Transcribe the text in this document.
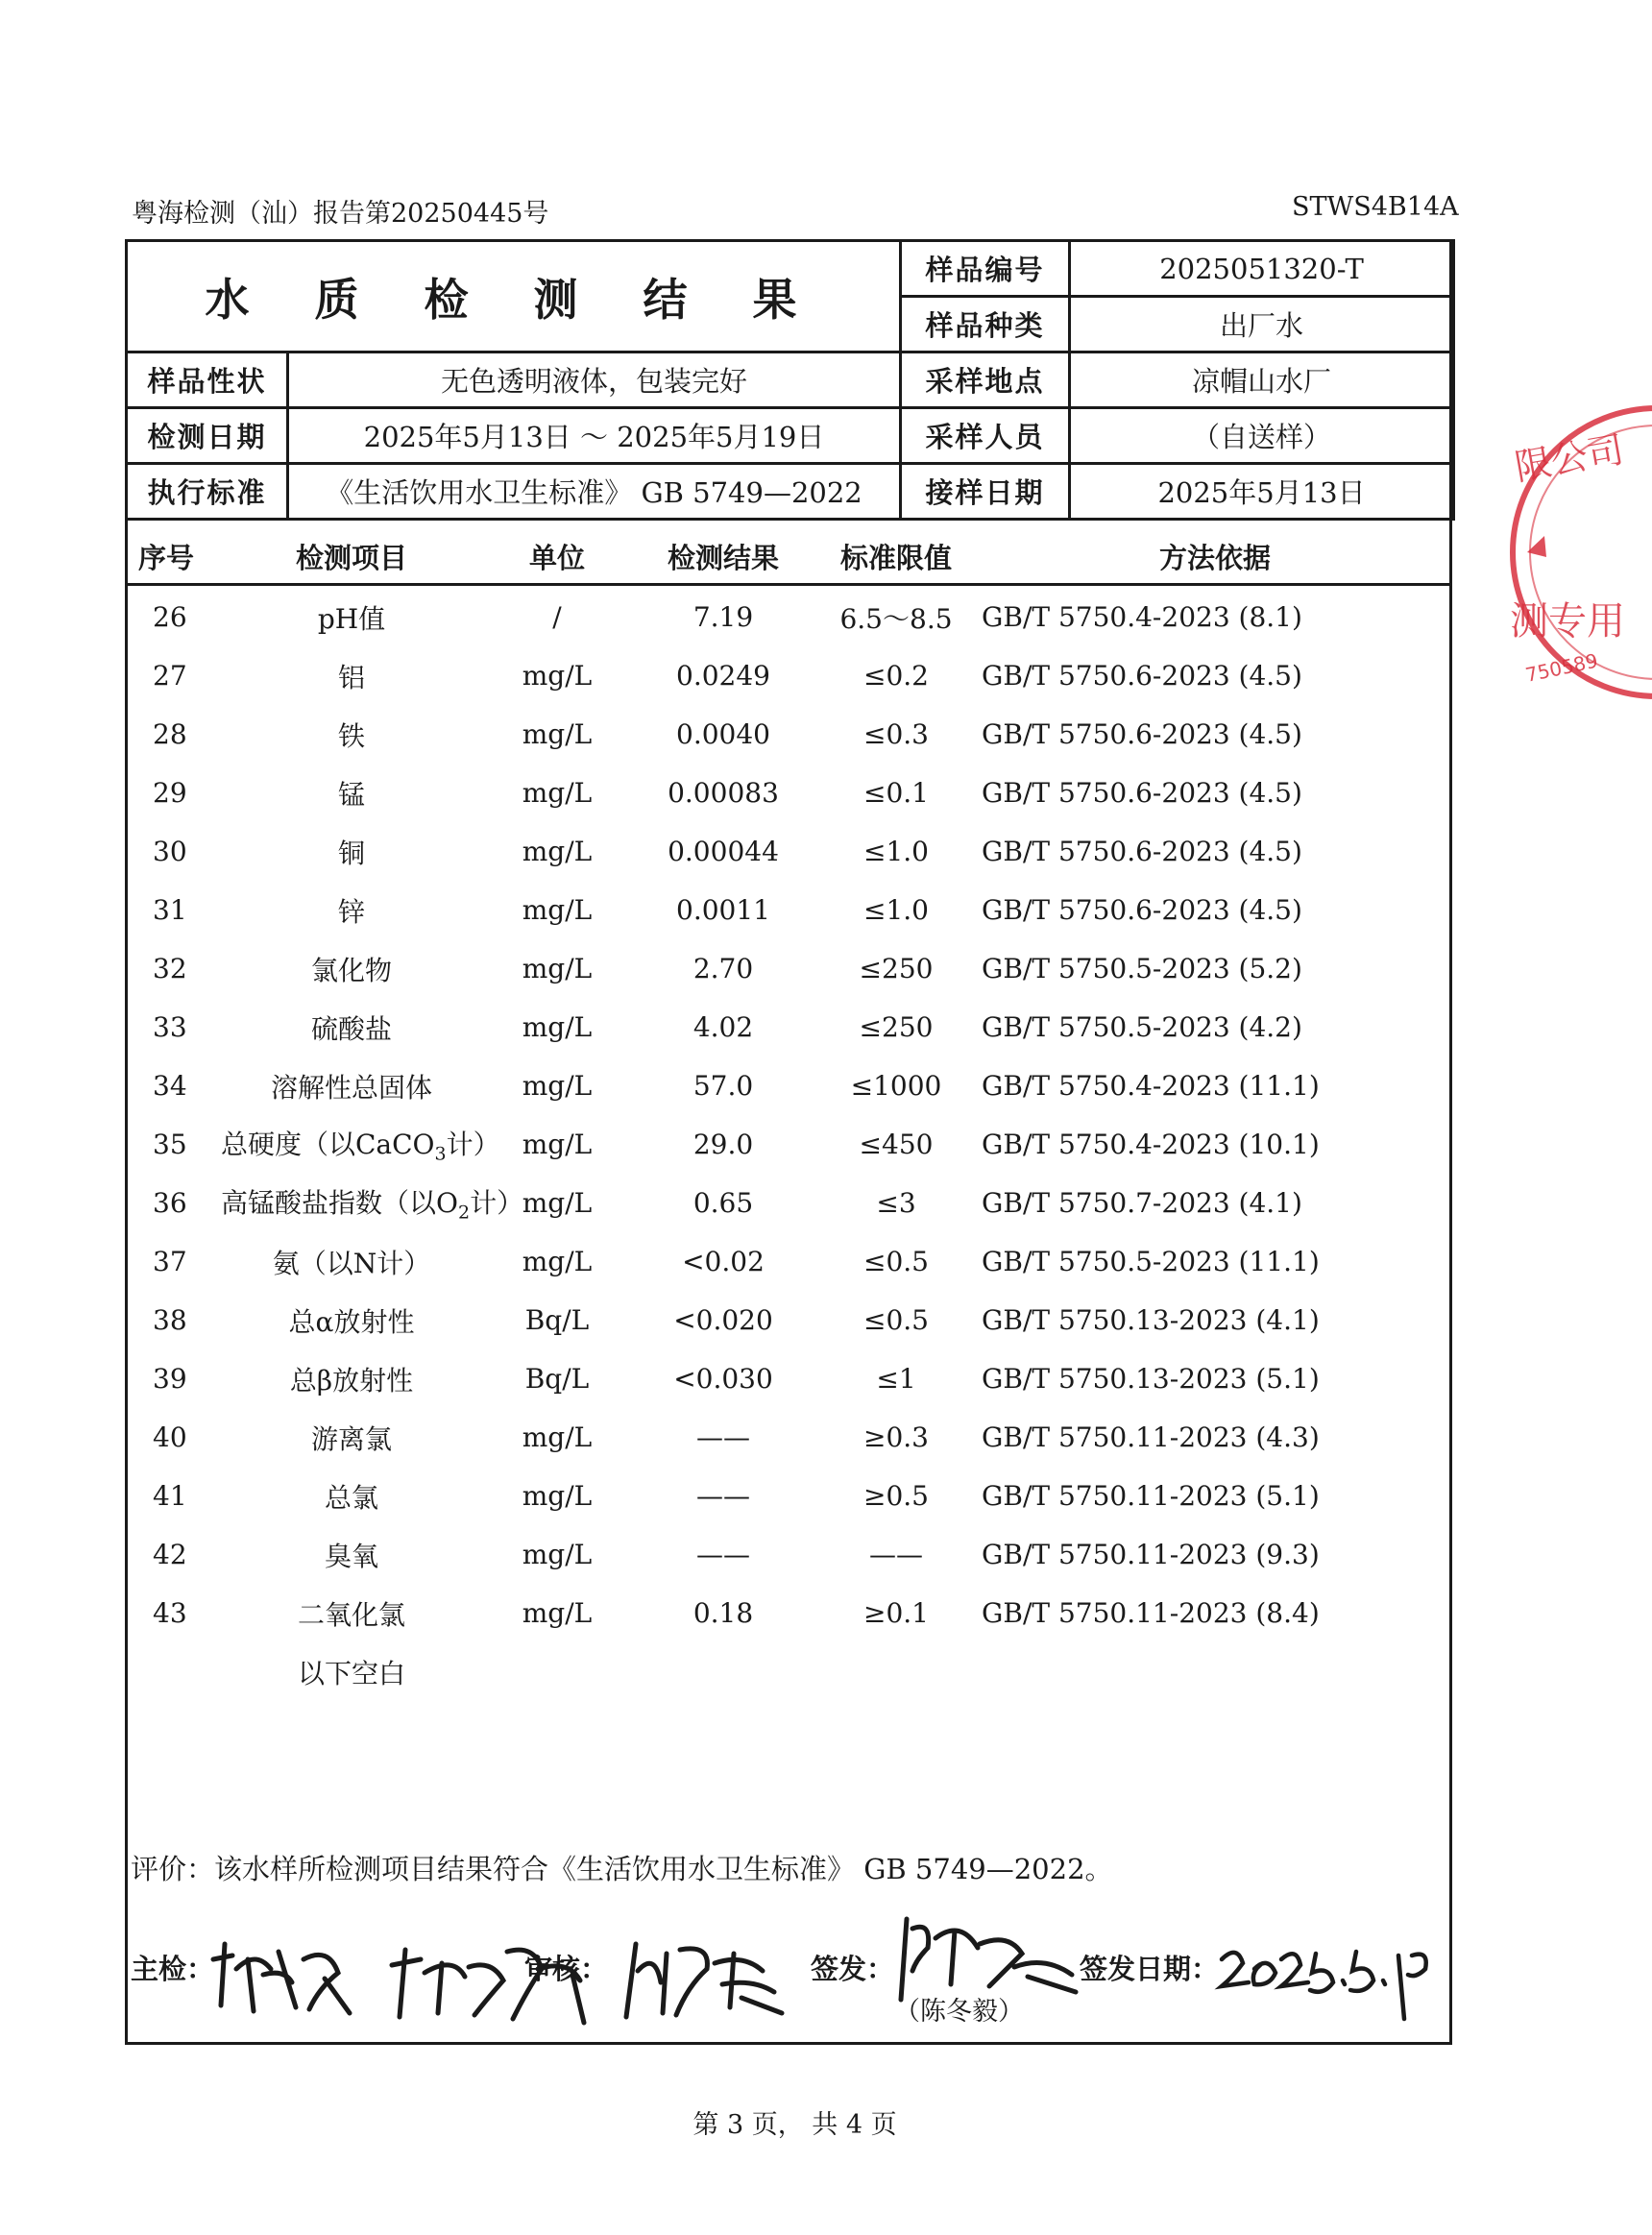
粤海检测（汕）报告第20250445号	STWS4B14A
水 质 检 测 结 果		样品编号	2025051320-T
		样品种类	出厂水
样品性状	无色透明液体，包装完好	采样地点	凉帽山水厂
检测日期	2025年5月13日 ～ 2025年5月19日	采样人员	（自送样）
执行标准	《生活饮用水卫生标准》 GB 5749—2022	接样日期	2025年5月13日
序号	检测项目	单位	检测结果	标准限值	方法依据
26	pH值	/	7.19	6.5～8.5	GB/T 5750.4-2023 (8.1)
27	铝	mg/L	0.0249	≤0.2	GB/T 5750.6-2023 (4.5)
28	铁	mg/L	0.0040	≤0.3	GB/T 5750.6-2023 (4.5)
29	锰	mg/L	0.00083	≤0.1	GB/T 5750.6-2023 (4.5)
30	铜	mg/L	0.00044	≤1.0	GB/T 5750.6-2023 (4.5)
31	锌	mg/L	0.0011	≤1.0	GB/T 5750.6-2023 (4.5)
32	氯化物	mg/L	2.70	≤250	GB/T 5750.5-2023 (5.2)
33	硫酸盐	mg/L	4.02	≤250	GB/T 5750.5-2023 (4.2)
34	溶解性总固体	mg/L	57.0	≤1000	GB/T 5750.4-2023 (11.1)
35	总硬度（以CaCO$_3$计）	mg/L	29.0	≤450	GB/T 5750.4-2023 (10.1)
36	高锰酸盐指数（以$O_2$计）	mg/L	0.65	≤3	GB/T 5750.7-2023 (4.1)
37	氨（以N计）	mg/L	<0.02	≤0.5	GB/T 5750.5-2023 (11.1)
38	总α放射性	Bq/L	<0.020	≤0.5	GB/T 5750.13-2023 (4.1)
39	总β放射性	Bq/L	<0.030	≤1	GB/T 5750.13-2023 (5.1)
40	游离氯	mg/L	——	≥0.3	GB/T 5750.11-2023 (4.3)
41	总氯	mg/L	——	≥0.5	GB/T 5750.11-2023 (5.1)
42	臭氧	mg/L	——	——	GB/T 5750.11-2023 (9.3)
43	二氧化氯	mg/L	0.18	≥0.1	GB/T 5750.11-2023 (8.4)
	以下空白				
评价：该水样所检测项目结果符合《生活饮用水卫生标准》 GB 5749—2022。
主检：	审核：	签发：
（陈冬毅）
签发日期：
第 3 页， 共 4 页
限公司
测专用
750589
